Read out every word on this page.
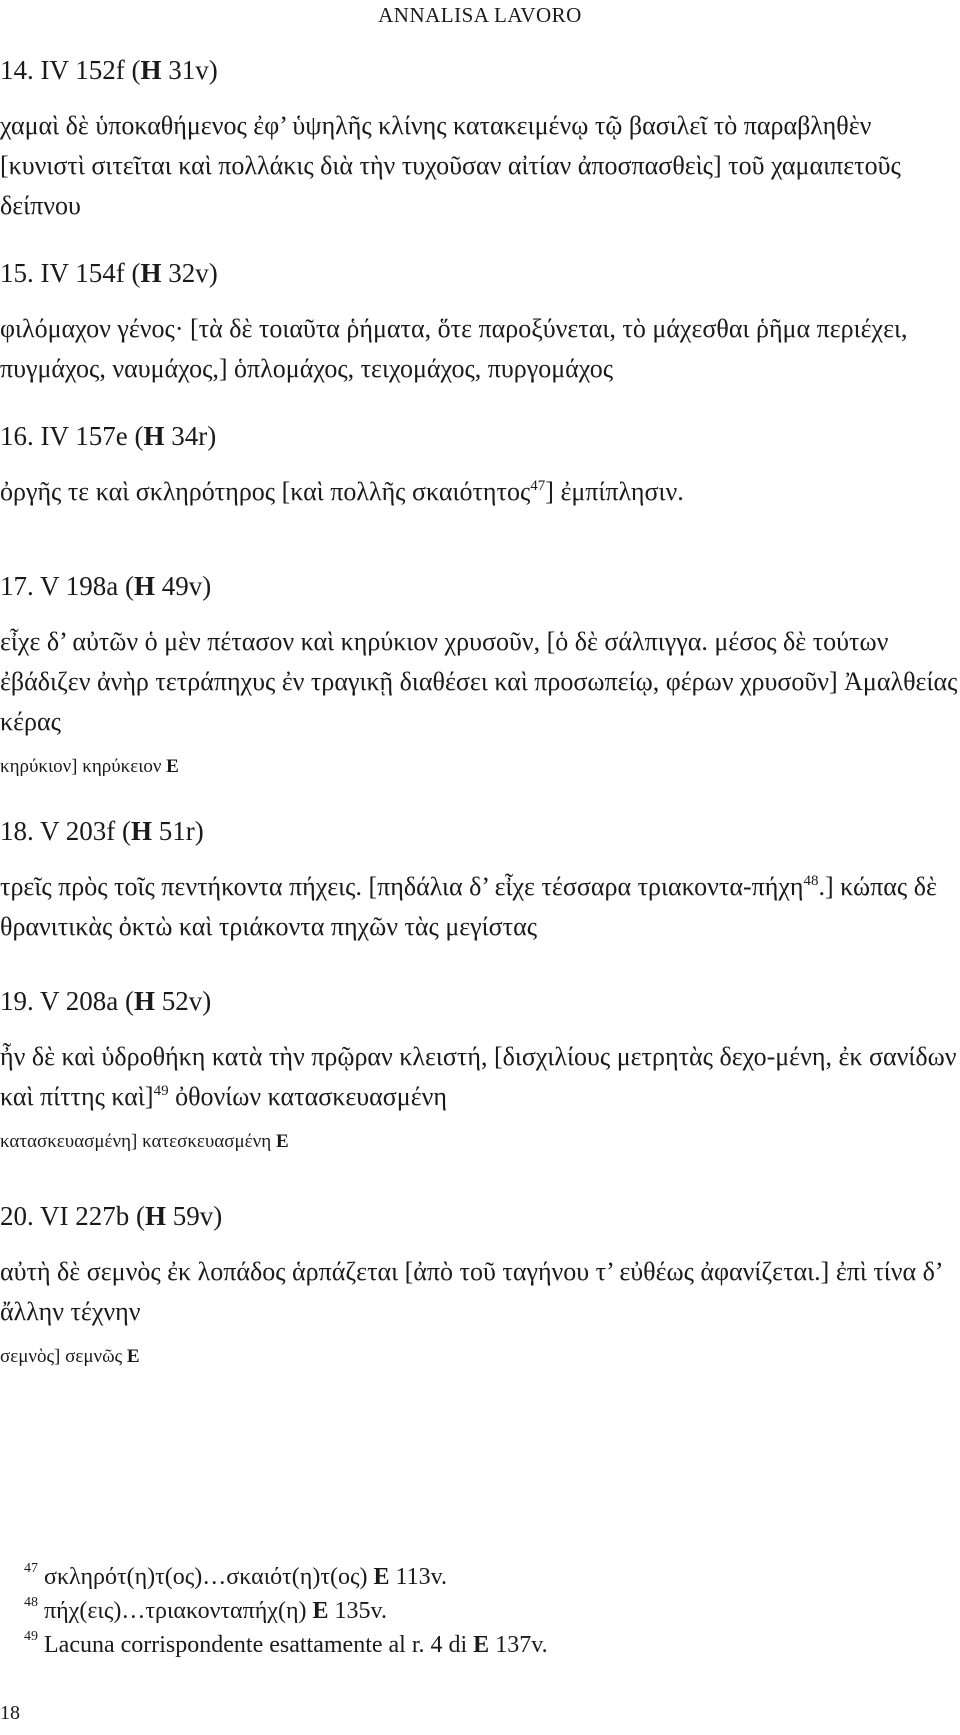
ANNALISA LAVORO

14. IV 152f (H 31v)

χαμαὶ δὲ ὑποκαθήμενος ἐφ’ ὑψηλῆς κλίνης κατακειμένῳ τῷ βασιλεῖ τὸ παραβληθὲν [κυνιστὶ σιτεῖται καὶ πολλάκις διὰ τὴν τυχοῦσαν αἰτίαν ἀποσπασθεὶς] τοῦ χαμαιπετοῦς δείπνου

15. IV 154f (H 32v)

φιλόμαχον γένος· [τὰ δὲ τοιαῦτα ῥήματα, ὅτε παροξύνεται, τὸ μάχεσθαι ῥῆμα περιέχει, πυγμάχος, ναυμάχος,] ὁπλομάχος, τειχομάχος, πυργομάχος

16. IV 157e (H 34r)

ὀργῆς τε καὶ σκληρότηρος [καὶ πολλῆς σκαιότητος$^{47}$] ἐμπίπλησιν.

17. V 198a (H 49v)

εἶχε δ’ αὐτῶν ὁ μὲν πέτασον καὶ κηρύκιον χρυσοῦν, [ὁ δὲ σάλπιγγα. μέσος δὲ τούτων ἐβάδιζεν ἀνὴρ τετράπηχυς ἐν τραγικῇ διαθέσει καὶ προσωπείῳ, φέρων χρυσοῦν] Ἀμαλθείας κέρας

κηρύκιον] κηρύκειον E

18. V 203f (H 51r)

τρεῖς πρὸς τοῖς πεντήκοντα πήχεις. [πηδάλια δ’ εἶχε τέσσαρα τριακοντα-πήχη$^{48}$.] κώπας δὲ θρανιτικὰς ὀκτὼ καὶ τριάκοντα πηχῶν τὰς μεγίστας

19. V 208a (H 52v)

ἦν δὲ καὶ ὑδροθήκη κατὰ τὴν πρῷραν κλειστή, [δισχιλίους μετρητὰς δεχο-μένη, ἐκ σανίδων καὶ πίττης καὶ]$^{49}$ ὀθονίων κατασκευασμένη

κατασκευασμένη] κατεσκευασμένη E

20. VI 227b (H 59v)

αὐτὴ δὲ σεμνὸς ἐκ λοπάδος ἁρπάζεται [ἀπὸ τοῦ ταγήνου τ’ εὐθέως ἀφανίζεται.] ἐπὶ τίνα δ’ ἄλλην τέχνην

σεμνὸς] σεμνῶς E

47 σκληρότ(η)τ(ος)…σκαιότ(η)τ(ος) E 113v.

48 πήχ(εις)…τριακονταπήχ(η) E 135v.

49 Lacuna corrispondente esattamente al r. 4 di E 137v.

18
